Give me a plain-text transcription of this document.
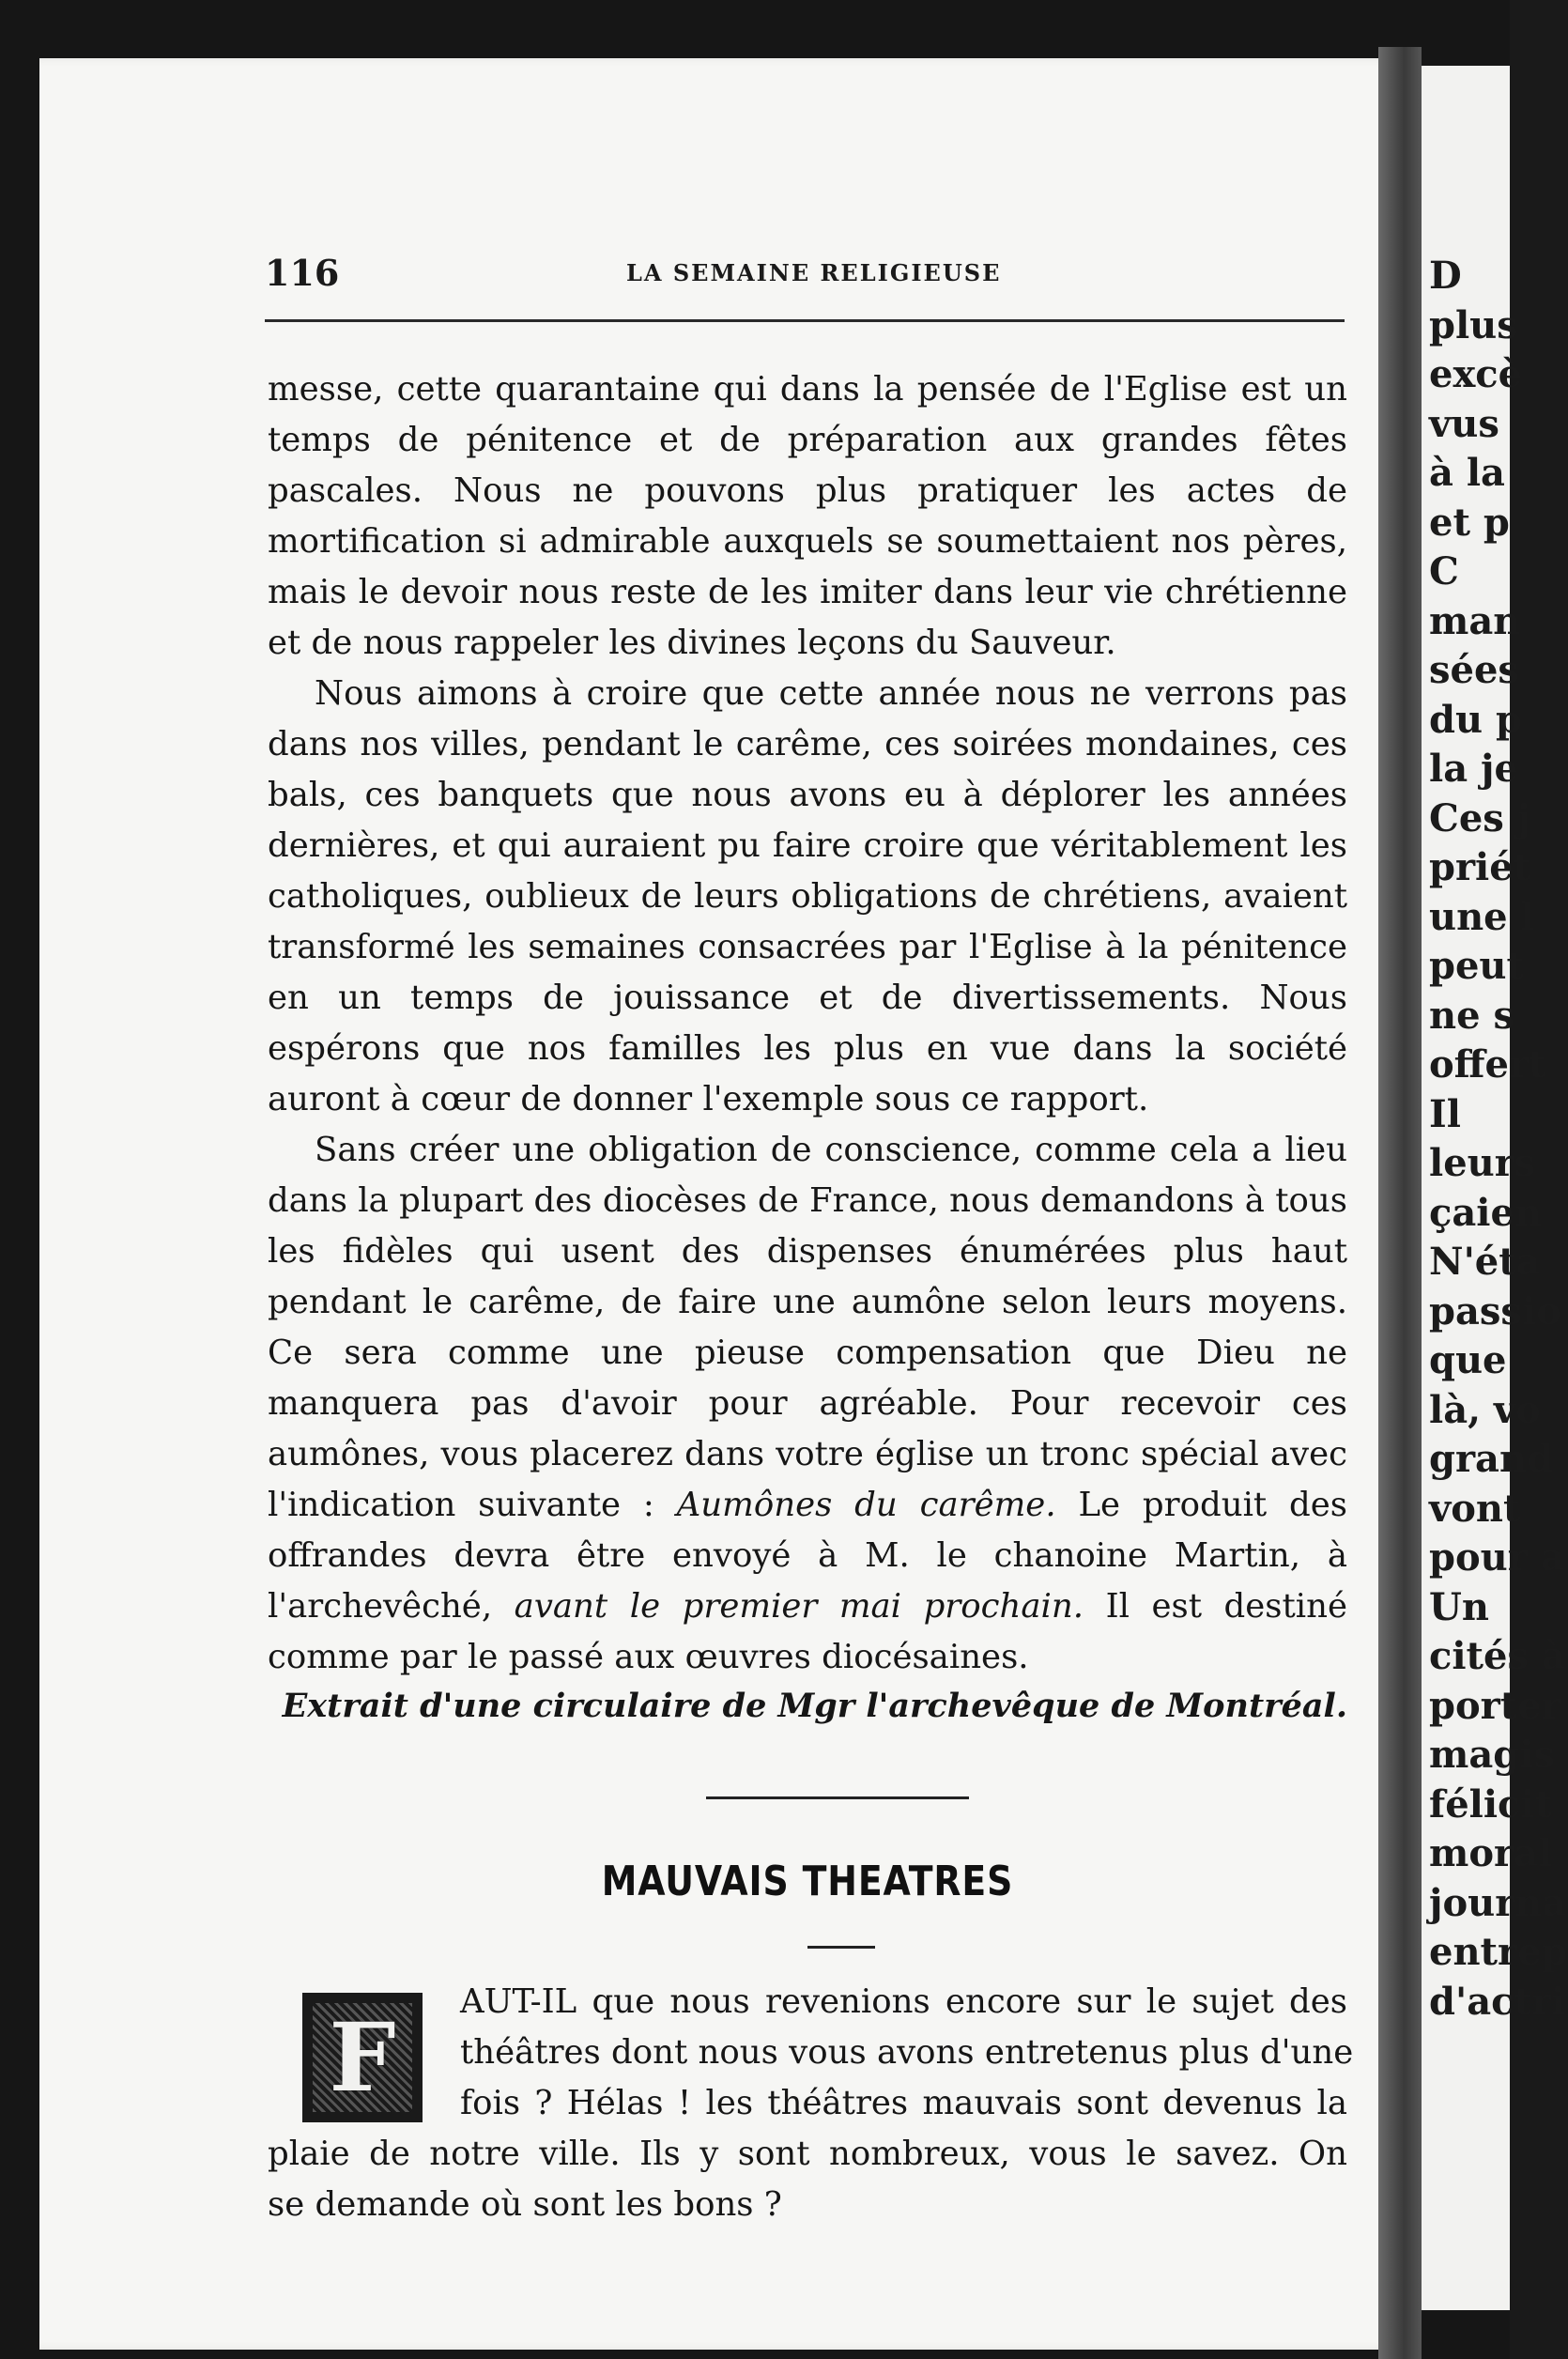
D
plus
excè
vus
à la
et p
C
man
sées
du p
la je
Ces j
priét
une l
peut
ne s
offert
Il
leurs
çaien
N'éta
passio
que
là, vo
grand
vont
pour a
Un
cités à
porter
magis
félicit
moral
journa
entrep
d'actri
116	LA SEMAINE RELIGIEUSE

messe, cette quarantaine qui dans la pensée de l'Eglise est un temps de pénitence et de préparation aux grandes fêtes pascales. Nous ne pouvons plus pratiquer les actes de mortification si admirable auxquels se soumettaient nos pères, mais le devoir nous reste de les imiter dans leur vie chrétienne et de nous rappeler les divines leçons du Sauveur.

Nous aimons à croire que cette année nous ne verrons pas dans nos villes, pendant le carême, ces soirées mondaines, ces bals, ces banquets que nous avons eu à déplorer les années dernières, et qui auraient pu faire croire que véritablement les catholiques, oublieux de leurs obligations de chrétiens, avaient transformé les semaines consacrées par l'Eglise à la pénitence en un temps de jouissance et de divertissements. Nous espérons que nos familles les plus en vue dans la société auront à cœur de donner l'exemple sous ce rapport.

Sans créer une obligation de conscience, comme cela a lieu dans la plupart des diocèses de France, nous demandons à tous les fidèles qui usent des dispenses énumérées plus haut pendant le carême, de faire une aumône selon leurs moyens. Ce sera comme une pieuse compensation que Dieu ne manquera pas d'avoir pour agréable. Pour recevoir ces aumônes, vous placerez dans votre église un tronc spécial avec l'indication suivante : Aumônes du carême. Le produit des offrandes devra être envoyé à M. le chanoine Martin, à l'archevêché, avant le premier mai prochain. Il est destiné comme par le passé aux œuvres diocésaines.

Extrait d'une circulaire de Mgr l'archevêque de Montréal.
MAUVAIS THEATRES
F
AUT-IL que nous revenions encore sur le sujet des
théâtres dont nous vous avons entretenus plus d'une
fois ? Hélas ! les théâtres mauvais sont devenus la
plaie de notre ville. Ils y sont nombreux, vous le savez. On
se demande où sont les bons ?
